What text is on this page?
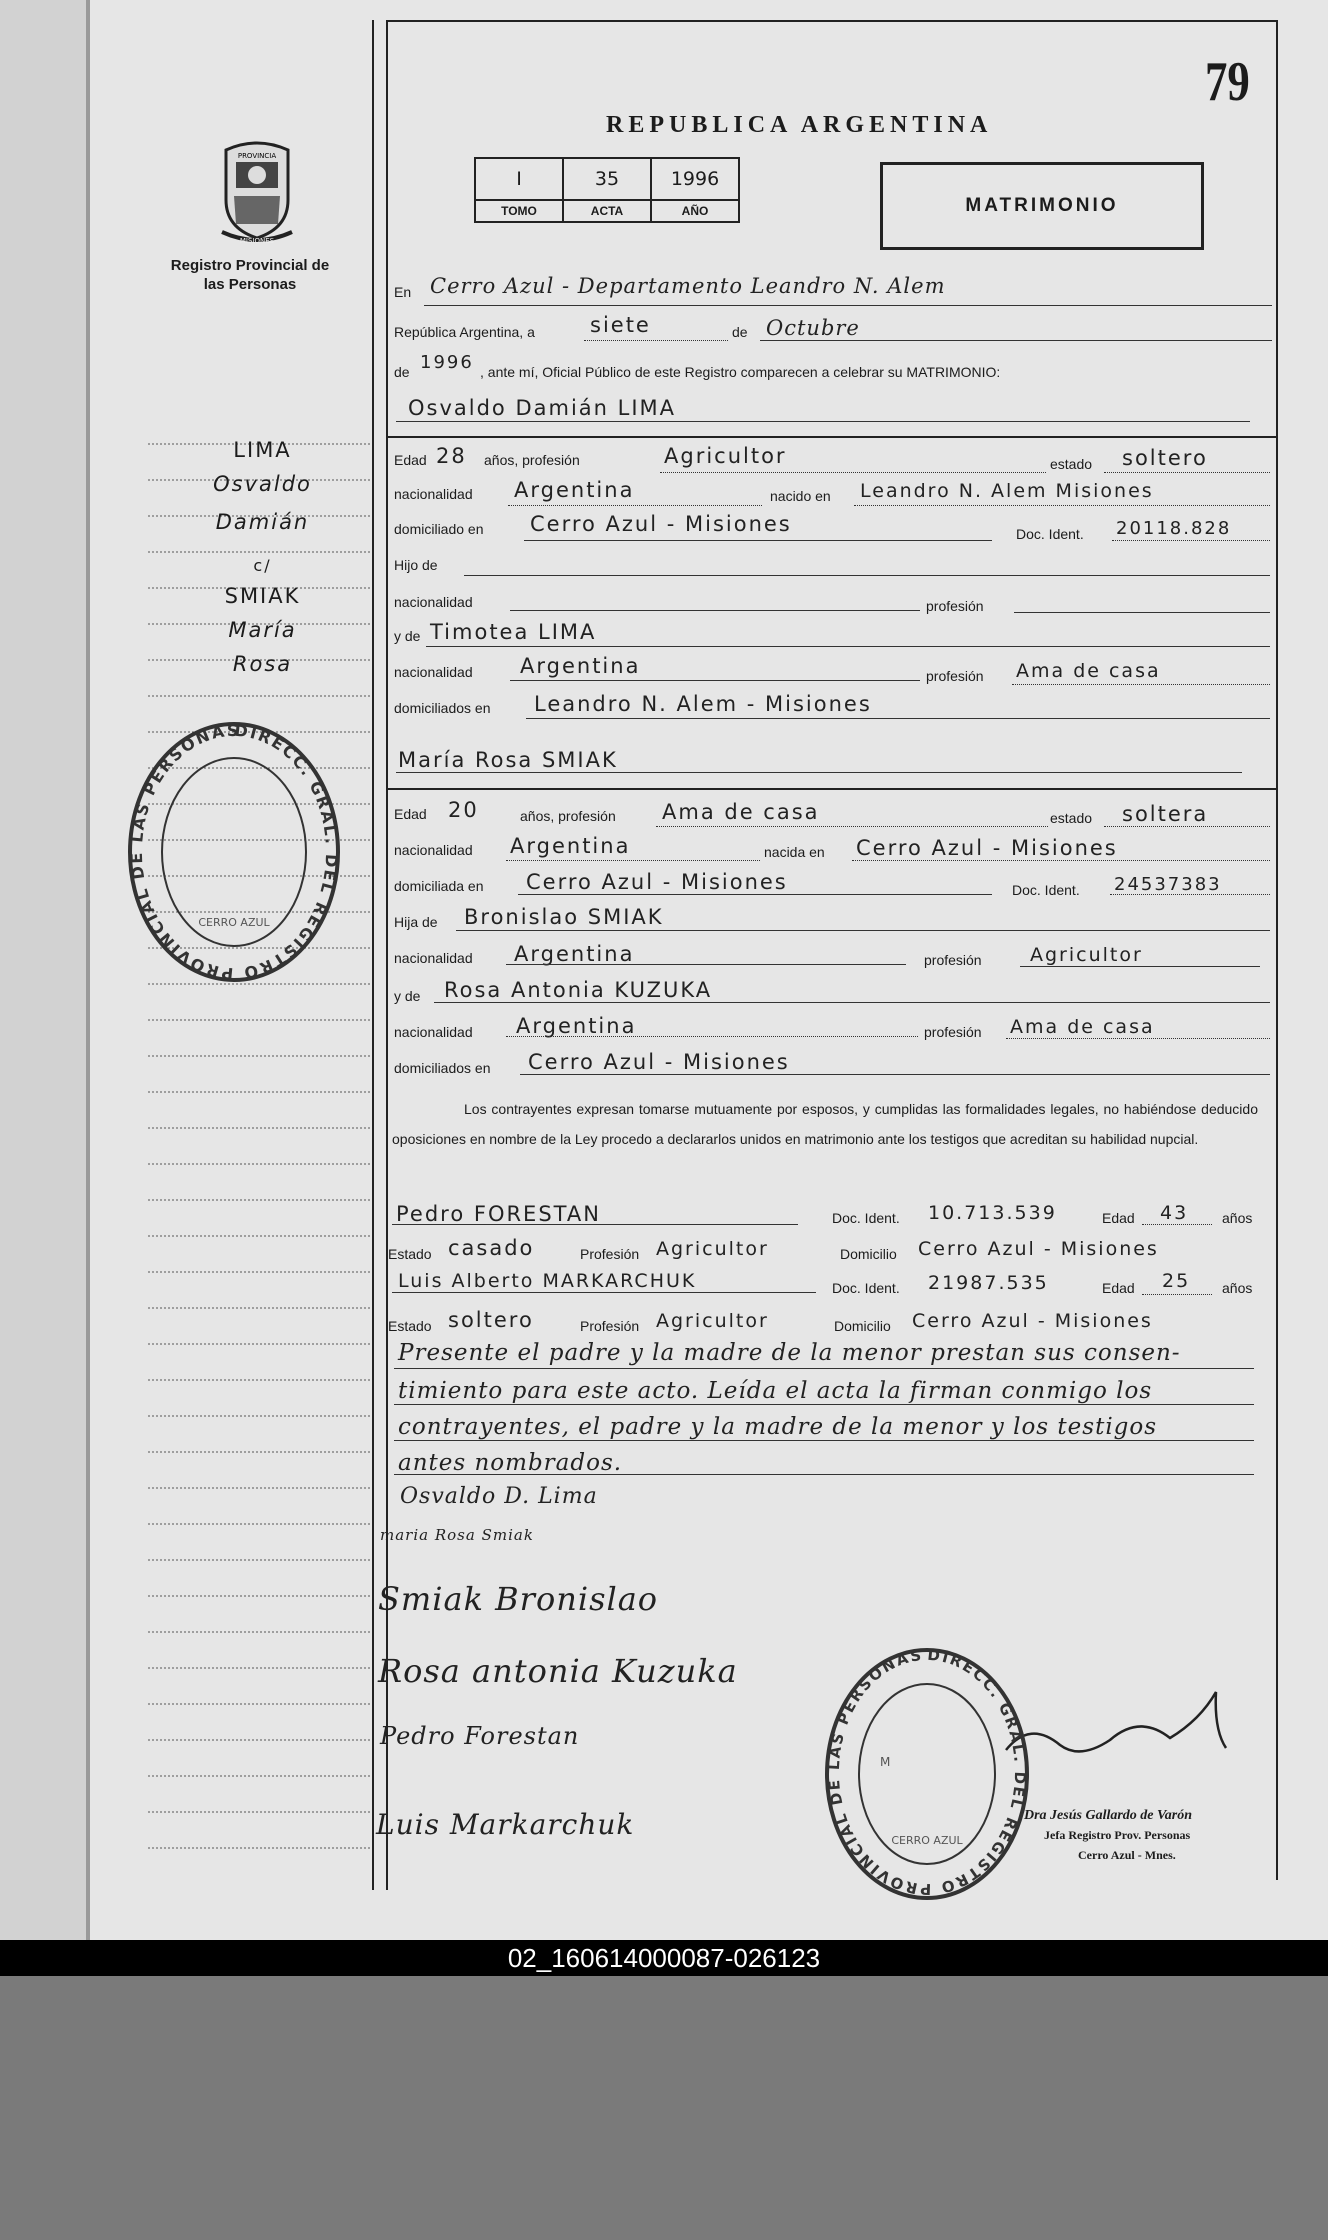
79
PROVINCIA
MISIONES
Registro Provincial de las Personas
REPUBLICA ARGENTINA
I	35	1996
TOMO	ACTA	AÑO	MATRIMONIO
En Cerro Azul - Departamento Leandro N. Alem
República Argentina, a	siete	de Octubre
de 1996 , ante mí, Oficial Público de este Registro comparecen a celebrar su MATRIMONIO:
Osvaldo Damián LIMA
Edad 28 años, profesión	Agricultor	estado soltero
nacionalidad Argentina	nacido en Leandro N. Alem Misiones
domiciliado en Cerro Azul - Misiones	Doc. Ident. 20118.828
Hijo de
nacionalidad	profesión
y de Timotea LIMA
nacionalidad Argentina	profesión Ama de casa
domiciliados en Leandro N. Alem - Misiones
María Rosa SMIAK
Edad 20	años, profesión Ama de casa	estado soltera
nacionalidad Argentina	nacida en Cerro Azul - Misiones
domiciliada en Cerro Azul - Misiones	Doc. Ident. 24537383
Hija de Bronislao SMIAK
nacionalidad Argentina	profesión	Agricultor
y de Rosa Antonia KUZUKA
nacionalidad Argentina	profesión Ama de casa
domiciliados en Cerro Azul - Misiones
Los contrayentes expresan tomarse mutuamente por esposos, y cumplidas las formalidades legales, no habiéndose deducido oposiciones en nombre de la Ley procedo a declararlos unidos en matrimonio ante los testigos que acreditan su habilidad nupcial.
Pedro FORESTAN	Doc. Ident. 10.713.539	Edad 43 años
Estado casado	Profesión Agricultor	Domicilio Cerro Azul - Misiones
Luis Alberto MARKARCHUK	Doc. Ident. 21987.535	Edad 25 años
Estado soltero	Profesión Agricultor	Domicilio Cerro Azul - Misiones
Presente el padre y la madre de la menor prestan sus consen-
timiento para este acto. Leída el acta la firman conmigo los
contrayentes, el padre y la madre de la menor y los testigos
antes nombrados.
Osvaldo D. Lima
maria Rosa Smiak
Smiak Bronislao
Rosa antonia Kuzuka
Pedro Forestan
Luis Markarchuk	Dra Jesús Gallardo de Varón
Jefa Registro Prov. Personas
Cerro Azul - Mnes.
DIRECC. GRAL. DEL REGISTRO PROVINCIAL DE LAS PERSONAS
CERRO AZUL
DIRECC. GRAL. DEL REGISTRO PROVINCIAL DE LAS PERSONAS
CERRO AZUL
M
LIMA
Osvaldo
Damián
c/
SMIAK
María
Rosa
02_160614000087-026123
